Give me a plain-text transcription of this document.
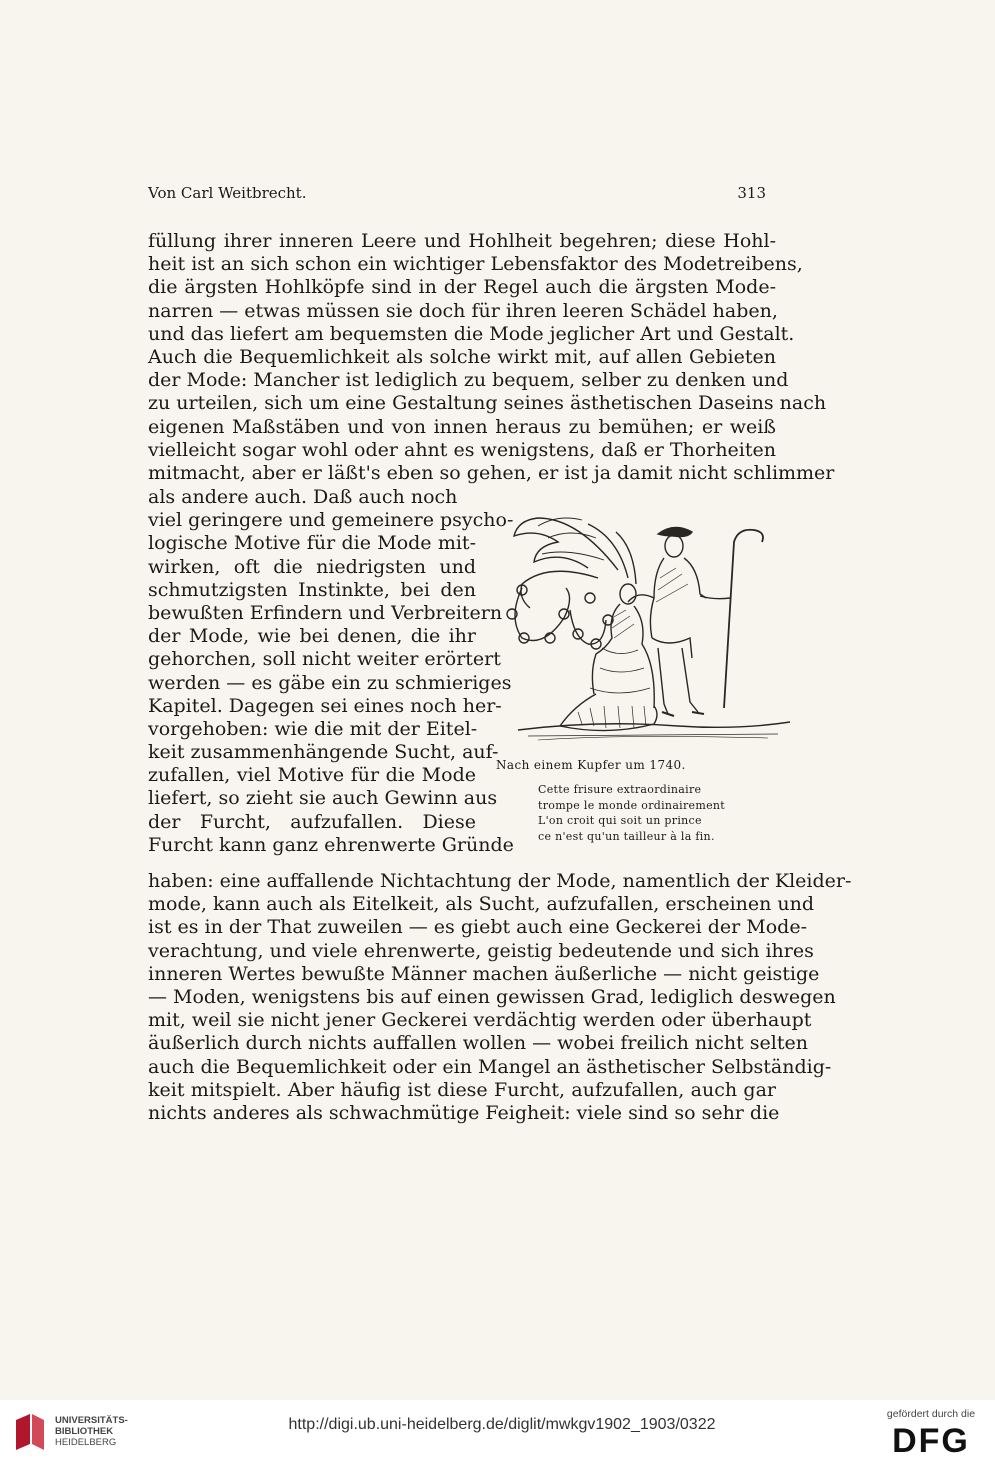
Von Carl Weitbrecht.	313
füllung ihrer inneren Leere und Hohlheit begehren; diese Hohl-
heit ist an sich schon ein wichtiger Lebensfaktor des Modetreibens,
die ärgsten Hohlköpfe sind in der Regel auch die ärgsten Mode-
narren — etwas müssen sie doch für ihren leeren Schädel haben,
und das liefert am bequemsten die Mode jeglicher Art und Gestalt.
Auch die Bequemlichkeit als solche wirkt mit, auf allen Gebieten
der Mode: Mancher ist lediglich zu bequem, selber zu denken und
zu urteilen, sich um eine Gestaltung seines ästhetischen Daseins nach
eigenen Maßstäben und von innen heraus zu bemühen; er weiß
vielleicht sogar wohl oder ahnt es wenigstens, daß er Thorheiten
mitmacht, aber er läßt's eben so gehen, er ist ja damit nicht schlimmer
als andere auch. Daß auch noch
viel geringere und gemeinere psycho-
logische Motive für die Mode mit-
wirken, oft die niedrigsten und
schmutzigsten Instinkte, bei den
bewußten Erfindern und Verbreitern
der Mode, wie bei denen, die ihr
gehorchen, soll nicht weiter erörtert
werden — es gäbe ein zu schmieriges
Kapitel. Dagegen sei eines noch her-
vorgehoben: wie die mit der Eitel-
keit zusammenhängende Sucht, auf-
zufallen, viel Motive für die Mode
liefert, so zieht sie auch Gewinn aus
der Furcht, aufzufallen. Diese
Furcht kann ganz ehrenwerte Gründe
Nach einem Kupfer um 1740.
Cette frisure extraordinaire
trompe le monde ordinairement
L'on croit qui soit un prince
ce n'est qu'un tailleur à la fin.
haben: eine auffallende Nichtachtung der Mode, namentlich der Kleider-
mode, kann auch als Eitelkeit, als Sucht, aufzufallen, erscheinen und
ist es in der That zuweilen — es giebt auch eine Geckerei der Mode-
verachtung, und viele ehrenwerte, geistig bedeutende und sich ihres
inneren Wertes bewußte Männer machen äußerliche — nicht geistige
— Moden, wenigstens bis auf einen gewissen Grad, lediglich deswegen
mit, weil sie nicht jener Geckerei verdächtig werden oder überhaupt
äußerlich durch nichts auffallen wollen — wobei freilich nicht selten
auch die Bequemlichkeit oder ein Mangel an ästhetischer Selbständig-
keit mitspielt. Aber häufig ist diese Furcht, aufzufallen, auch gar
nichts anderes als schwachmütige Feigheit: viele sind so sehr die
UNIVERSITÄTS-
BIBLIOTHEK
HEIDELBERG
http://digi.ub.uni-heidelberg.de/diglit/mwkgv1902_1903/0322
gefördert durch die
DFG
